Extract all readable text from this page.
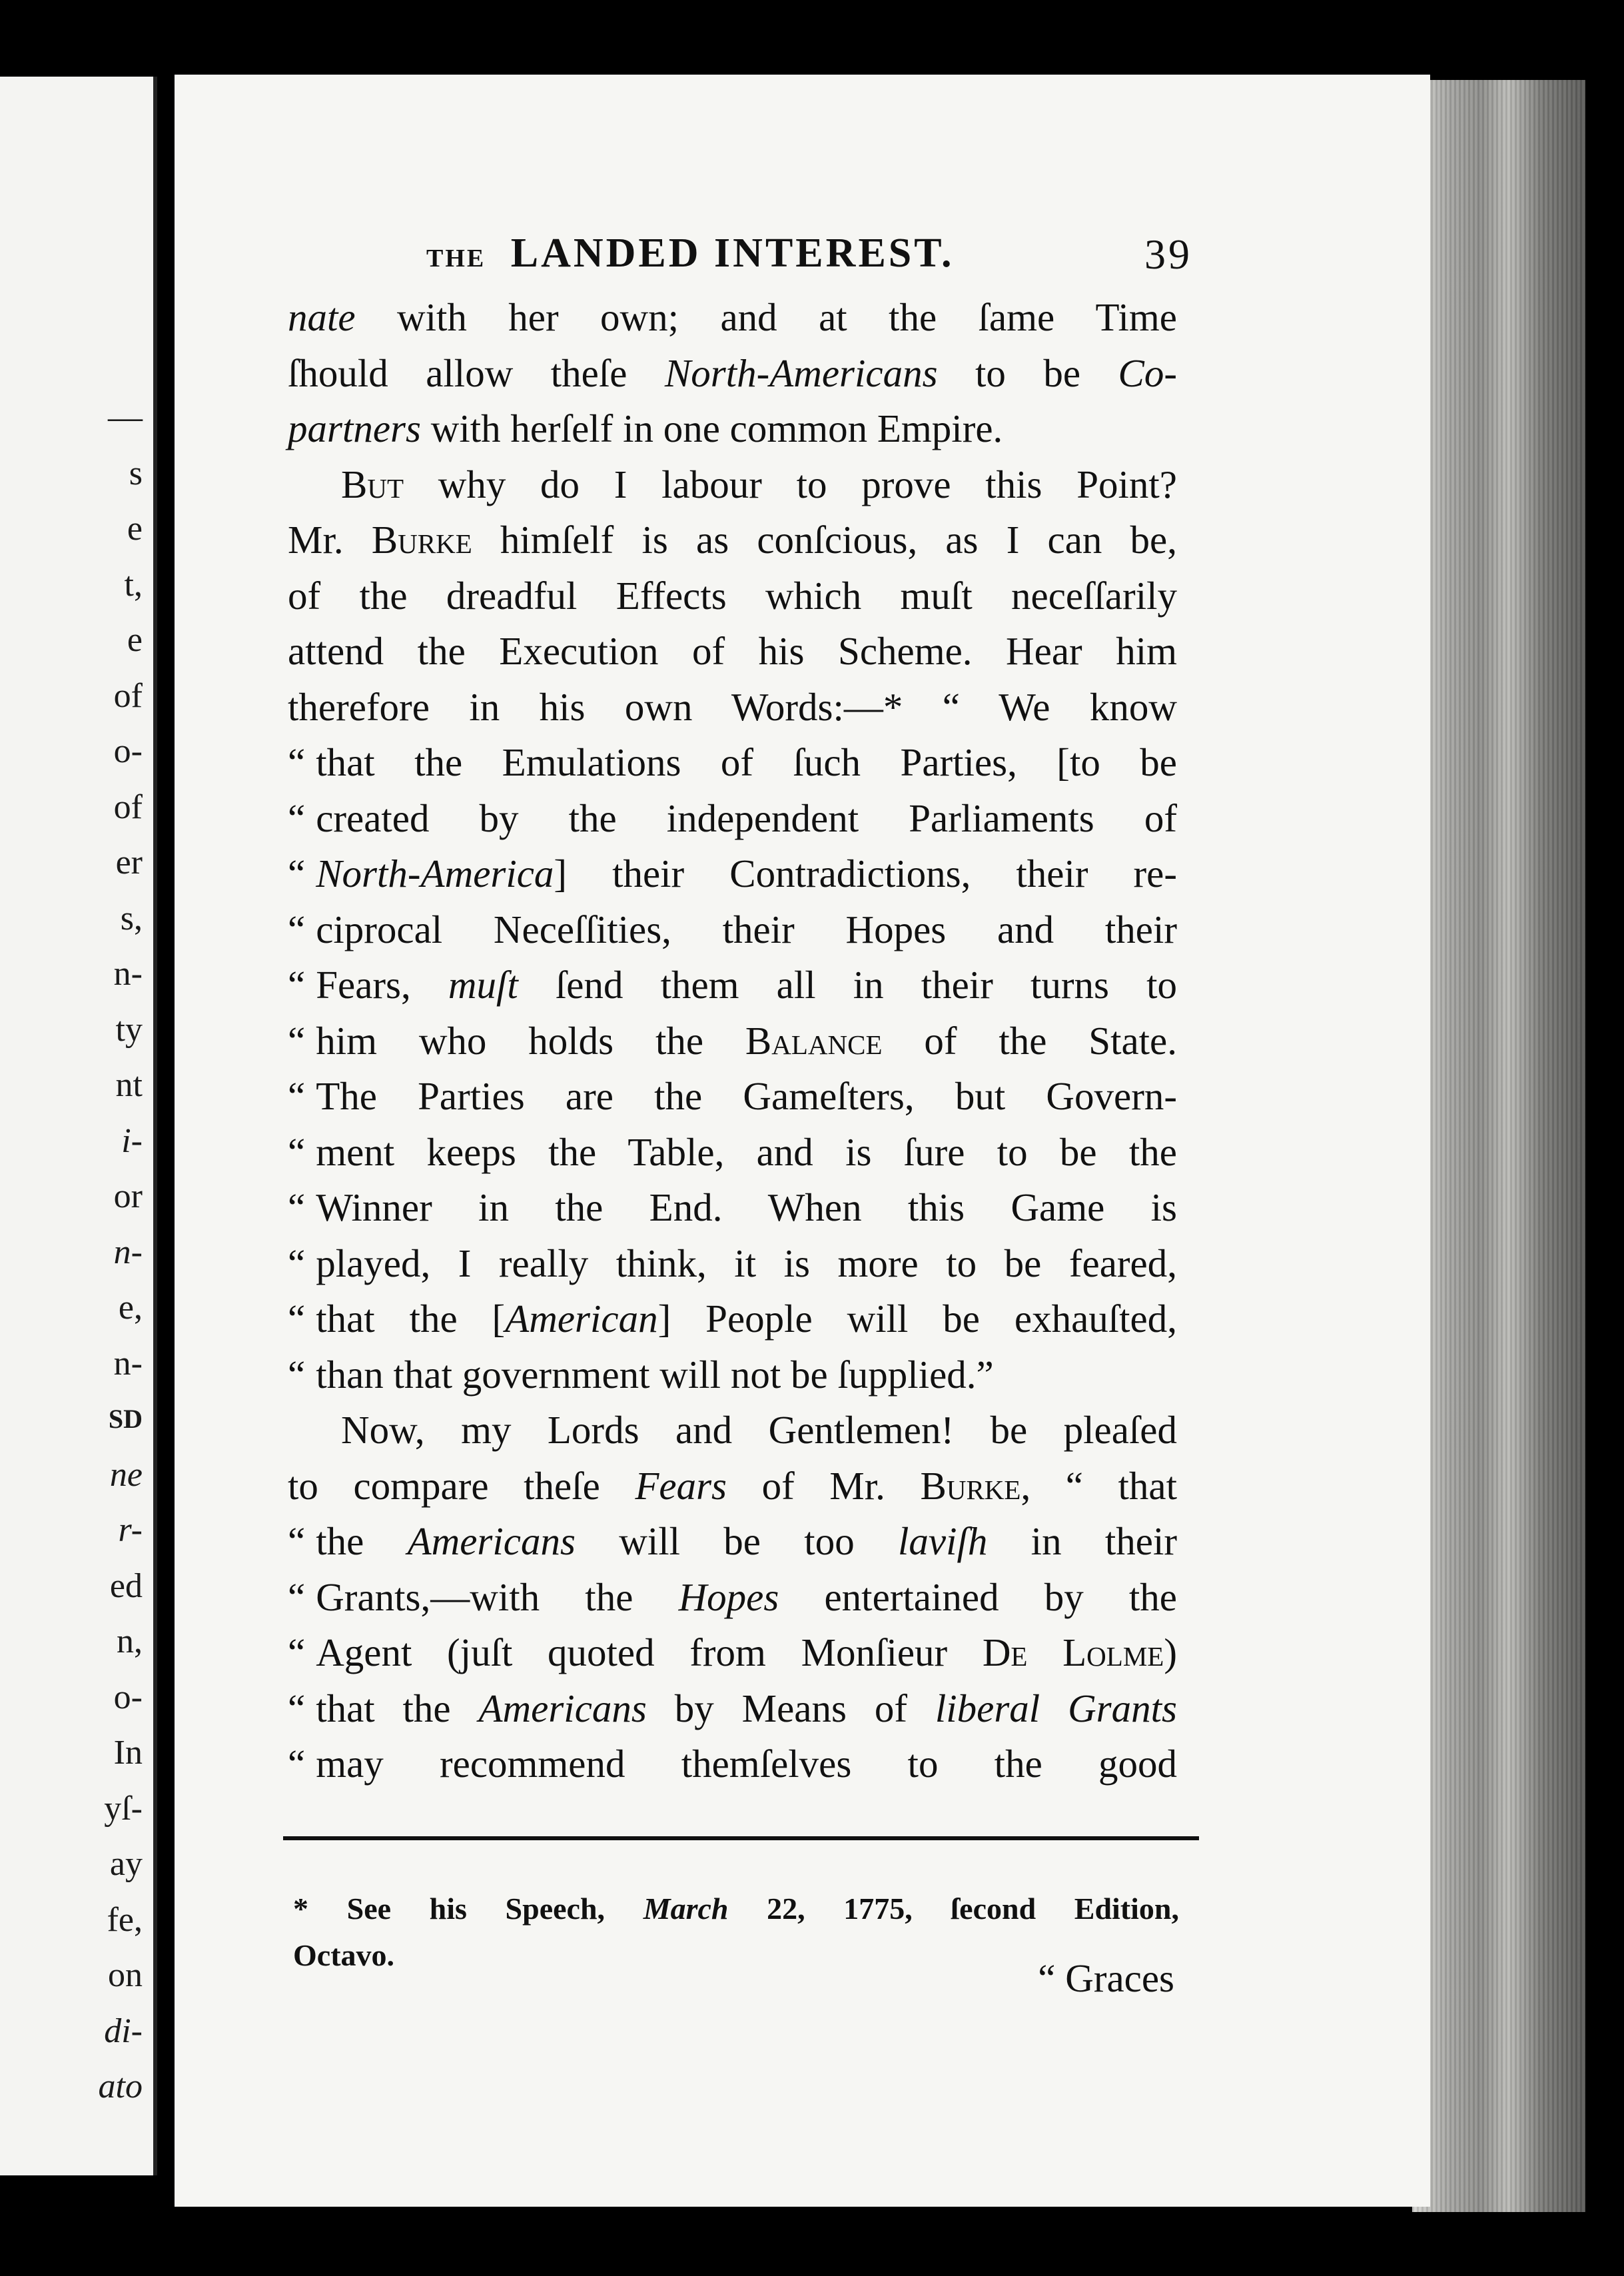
—
s
e
t,
e
of
o-
of
er
s,
n-
ty
nt
i-
or
n-
e,
n-
SD
ne
r-
ed
n,
o-
In
yſ-
ay
fe,
on
di-
ato
THE LANDED INTEREST.	39
nate with her own; and at the ſame Time
ſhould allow theſe North-Americans to be Co-
partners with herſelf in one common Empire.
But why do I labour to prove this Point?
Mr. Burke himſelf is as conſcious, as I can be,
of the dreadful Effects which muſt neceſſarily
attend the Execution of his Scheme. Hear him
therefore in his own Words:—* “ We know
“ that the Emulations of ſuch Parties, [to be
“ created by the independent Parliaments of
“ North-America] their Contradictions, their re-
“ ciprocal Neceſſities, their Hopes and their
“ Fears, muſt ſend them all in their turns to
“ him who holds the Balance of the State.
“ The Parties are the Gameſters, but Govern-
“ ment keeps the Table, and is ſure to be the
“ Winner in the End. When this Game is
“ played, I really think, it is more to be feared,
“ that the [American] People will be exhauſted,
“ than that government will not be ſupplied.”
Now, my Lords and Gentlemen! be pleaſed
to compare theſe Fears of Mr. Burke, “ that
“ the Americans will be too laviſh in their
“ Grants,—with the Hopes entertained by the
“ Agent (juſt quoted from Monſieur De Lolme)
“ that the Americans by Means of liberal Grants
“ may recommend themſelves to the good
* See his Speech, March 22, 1775, ſecond Edition,
Octavo.
“ Graces
